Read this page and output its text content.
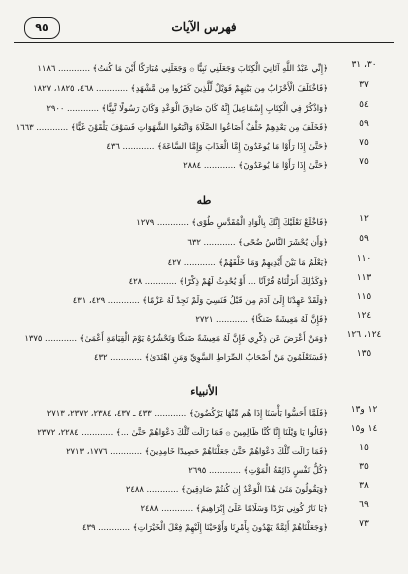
فهرس الآيات
٩٥
٣٠، ٣١
﴿إِنِّي عَبْدُ اللَّهِ آتَانِيَ الْكِتَابَ وَجَعَلَنِي نَبِيًّا ۞ وَجَعَلَنِي مُبَارَكًا أَيْنَ مَا كُنتُ﴾ ............ ١١٨٦
٣٧
﴿فَاخْتَلَفَ الْأَحْزَابُ مِن بَيْنِهِمْ فَوَيْلٌ لِّلَّذِينَ كَفَرُوا مِن مَّشْهَدِ﴾ ............ ٤٦٨، ١٨٢٥، ١٨٢٧
٥٤
﴿وَاذْكُرْ فِي الْكِتَابِ إِسْمَاعِيلَ إِنَّهُ كَانَ صَادِقَ الْوَعْدِ وَكَانَ رَسُولًا نَّبِيًّا﴾ ............ ٢٩٠٠
٥٩
﴿فَخَلَفَ مِن بَعْدِهِمْ خَلْفٌ أَضَاعُوا الصَّلَاةَ وَاتَّبَعُوا الشَّهَوَاتِ فَسَوْفَ يَلْقَوْنَ غَيًّا﴾ ............ ١٦٦٣
٧٥
﴿حَتَّىٰ إِذَا رَأَوْا مَا يُوعَدُونَ إِمَّا الْعَذَابَ وَإِمَّا السَّاعَةَ﴾ ............ ٤٣٦
٧٥
﴿حَتَّىٰ إِذَا رَأَوْا مَا يُوعَدُونَ﴾ ............ ٢٨٨٤
طه
١٢
﴿فَاخْلَعْ نَعْلَيْكَ إِنَّكَ بِالْوَادِ الْمُقَدَّسِ طُوًى﴾ ............ ١٢٧٩
٥٩
﴿وَأَن يُحْشَرَ النَّاسُ ضُحًى﴾ ............ ٦٣٢
١١٠
﴿يَعْلَمُ مَا بَيْنَ أَيْدِيهِمْ وَمَا خَلْفَهُمْ﴾ ............ ٤٢٧
١١٣
﴿وَكَذَٰلِكَ أَنزَلْنَاهُ قُرْآنًا ... أَوْ يُحْدِثُ لَهُمْ ذِكْرًا﴾ ............ ٤٢٨
١١٥
﴿وَلَقَدْ عَهِدْنَا إِلَىٰ آدَمَ مِن قَبْلُ فَنَسِيَ وَلَمْ نَجِدْ لَهُ عَزْمًا﴾ ............ ٤٢٩، ٤٣١
١٢٤
﴿فَإِنَّ لَهُ مَعِيشَةً ضَنكًا﴾ ............ ٢٧٢١
١٢٤، ١٢٦
﴿وَمَنْ أَعْرَضَ عَن ذِكْرِي فَإِنَّ لَهُ مَعِيشَةً ضَنكًا وَنَحْشُرُهُ يَوْمَ الْقِيَامَةِ أَعْمَىٰ﴾ ............ ١٣٧٥
١٣٥
﴿فَسَتَعْلَمُونَ مَنْ أَصْحَابُ الصِّرَاطِ السَّوِيِّ وَمَنِ اهْتَدَىٰ﴾ ............ ٤٣٢
الأنبياء
١٢ و١٣
﴿فَلَمَّا أَحَسُّوا بَأْسَنَا إِذَا هُم مِّنْهَا يَرْكُضُونَ﴾ ............ ٤٣٣ ـ ٤٣٧، ٢٣٨٤، ٢٣٧٢، ٢٧١٣
١٤ و١٥
﴿قَالُوا يَا وَيْلَنَا إِنَّا كُنَّا ظَالِمِينَ ۞ فَمَا زَالَت تِّلْكَ دَعْوَاهُمْ حَتَّىٰ ...﴾ ............ ٢٢٨٤، ٢٣٧٢
١٥
﴿فَمَا زَالَت تِّلْكَ دَعْوَاهُمْ حَتَّىٰ جَعَلْنَاهُمْ حَصِيدًا خَامِدِينَ﴾ ............ ١٧٧٦، ٢٧١٣
٣٥
﴿كُلُّ نَفْسٍ ذَائِقَةُ الْمَوْتِ﴾ ............ ٢٦٩٥
٣٨
﴿وَيَقُولُونَ مَتَىٰ هَٰذَا الْوَعْدُ إِن كُنتُمْ صَادِقِينَ﴾ ............ ٢٤٨٨
٦٩
﴿يَا نَارُ كُونِي بَرْدًا وَسَلَامًا عَلَىٰ إِبْرَاهِيمَ﴾ ............ ٢٤٨٨
٧٣
﴿وَجَعَلْنَاهُمْ أَئِمَّةً يَهْدُونَ بِأَمْرِنَا وَأَوْحَيْنَا إِلَيْهِمْ فِعْلَ الْخَيْرَاتِ﴾ ............ ٤٣٩
